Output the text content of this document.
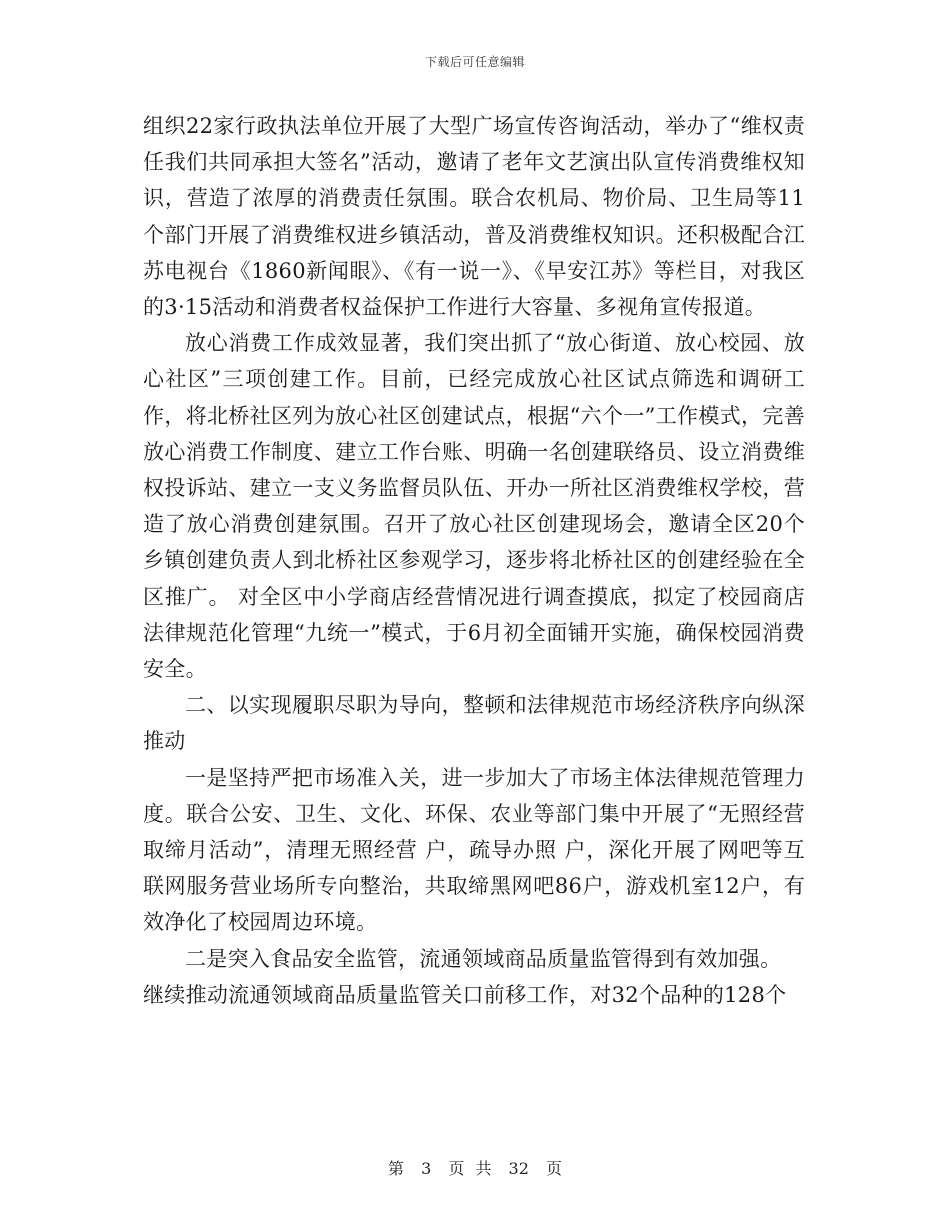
下载后可任意编辑

组织22家行政执法单位开展了大型广场宣传咨询活动，举办了“维权责任我们共同承担大签名”活动，邀请了老年文艺演出队宣传消费维权知识，营造了浓厚的消费责任氛围。联合农机局、物价局、卫生局等11个部门开展了消费维权进乡镇活动，普及消费维权知识。还积极配合江苏电视台《1860新闻眼》、《有一说一》、《早安江苏》等栏目，对我区的3·15活动和消费者权益保护工作进行大容量、多视角宣传报道。

放心消费工作成效显著，我们突出抓了“放心街道、放心校园、放心社区”三项创建工作。目前，已经完成放心社区试点筛选和调研工作，将北桥社区列为放心社区创建试点，根据“六个一”工作模式，完善放心消费工作制度、建立工作台账、明确一名创建联络员、设立消费维权投诉站、建立一支义务监督员队伍、开办一所社区消费维权学校，营造了放心消费创建氛围。召开了放心社区创建现场会，邀请全区20个乡镇创建负责人到北桥社区参观学习，逐步将北桥社区的创建经验在全区推广。 对全区中小学商店经营情况进行调查摸底，拟定了校园商店法律规范化管理“九统一”模式，于6月初全面铺开实施，确保校园消费安全。

二、以实现履职尽职为导向，整顿和法律规范市场经济秩序向纵深推动

一是坚持严把市场准入关，进一步加大了市场主体法律规范管理力度。联合公安、卫生、文化、环保、农业等部门集中开展了“无照经营取缔月活动”，清理无照经营 户，疏导办照 户，深化开展了网吧等互联网服务营业场所专向整治，共取缔黑网吧86户，游戏机室12户，有效净化了校园周边环境。

二是突入食品安全监管，流通领域商品质量监管得到有效加强。

继续推动流通领域商品质量监管关口前移工作，对32个品种的128个

第 3 页 共 32 页
